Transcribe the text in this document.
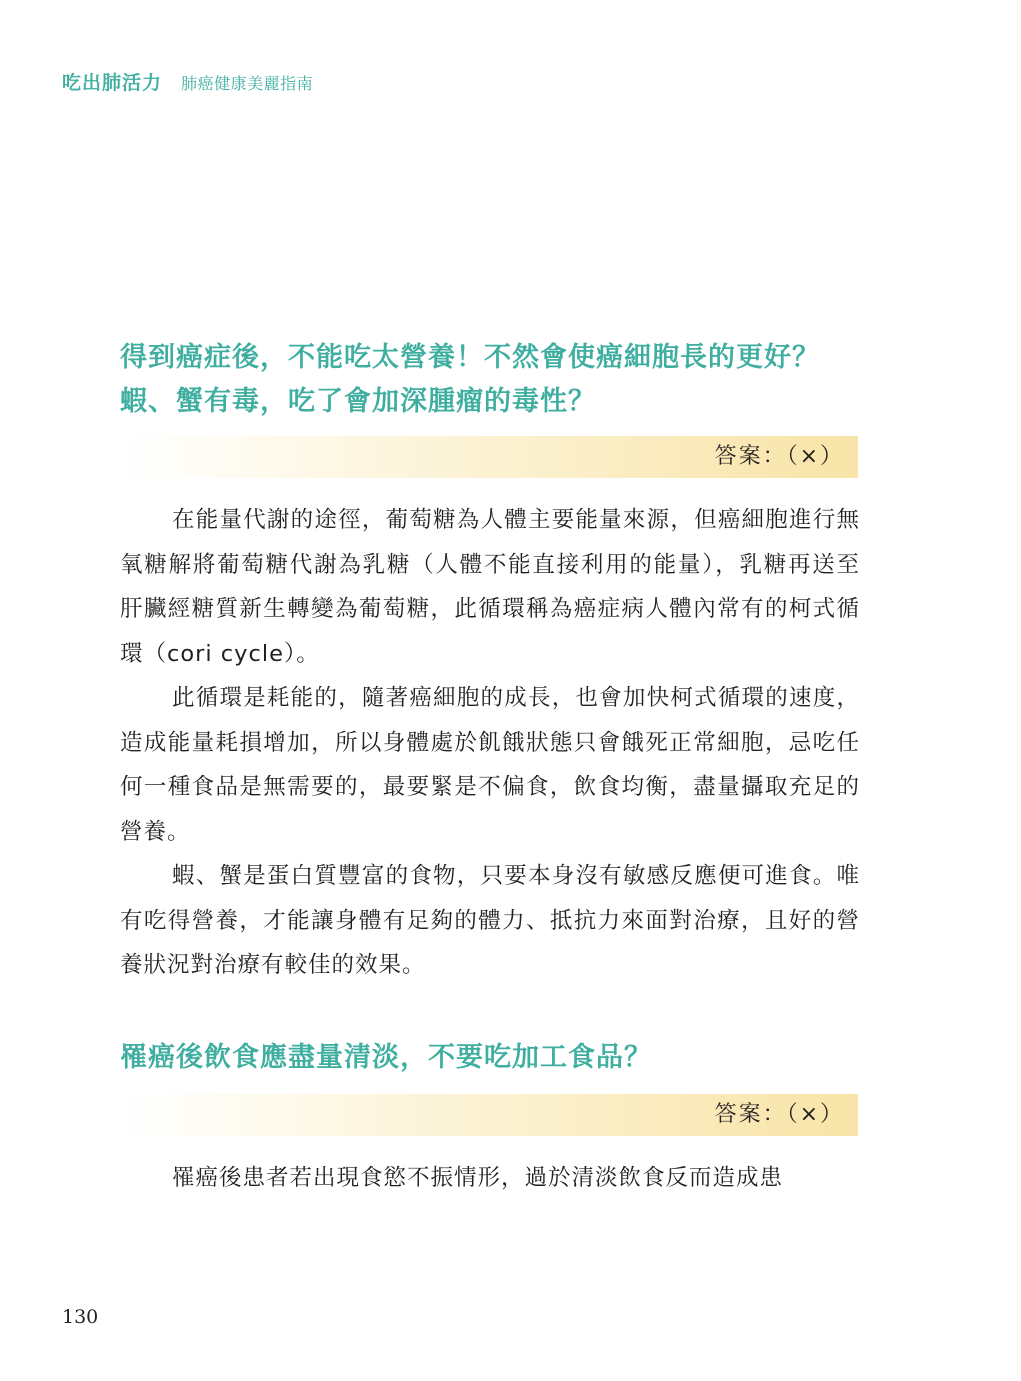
吃出肺活力 肺癌健康美麗指南
得到癌症後，不能吃太營養！不然會使癌細胞長的更好？
蝦、蟹有毒，吃了會加深腫瘤的毒性？
答案：（×）

在能量代謝的途徑，葡萄糖為人體主要能量來源，但癌細胞進行無氧糖解將葡萄糖代謝為乳糖（人體不能直接利用的能量），乳糖再送至肝臟經糖質新生轉變為葡萄糖，此循環稱為癌症病人體內常有的柯式循環（cori cycle）。

此循環是耗能的，隨著癌細胞的成長，也會加快柯式循環的速度，造成能量耗損增加，所以身體處於飢餓狀態只會餓死正常細胞，忌吃任何一種食品是無需要的，最要緊是不偏食，飲食均衡，盡量攝取充足的營養。

蝦、蟹是蛋白質豐富的食物，只要本身沒有敏感反應便可進食。唯有吃得營養，才能讓身體有足夠的體力、抵抗力來面對治療，且好的營養狀況對治療有較佳的效果。

罹癌後飲食應盡量清淡，不要吃加工食品？
答案：（×）

罹癌後患者若出現食慾不振情形，過於清淡飲食反而造成患

130
